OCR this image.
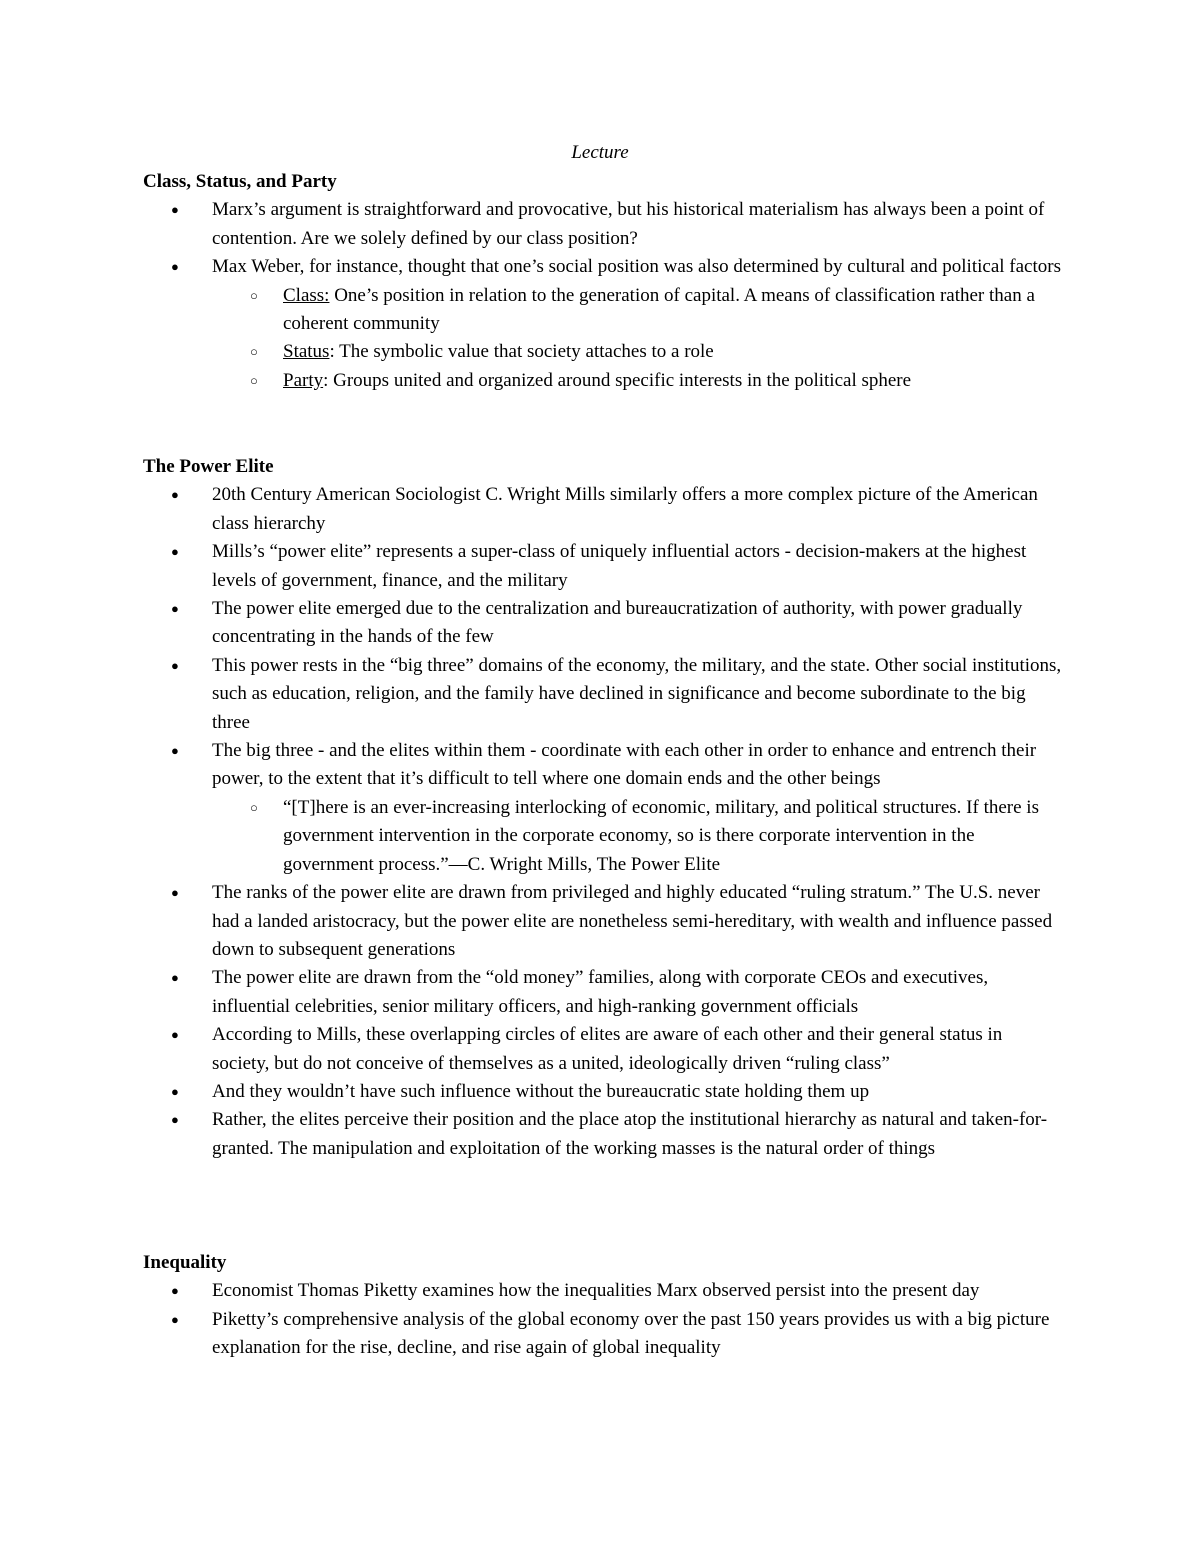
Lecture
Class, Status, and Party
● Marx’s argument is straightforward and provocative, but his historical materialism has always been a point of contention. Are we solely defined by our class position?
● Max Weber, for instance, thought that one’s social position was also determined by cultural and political factors
○ Class: One’s position in relation to the generation of capital. A means of classification rather than a coherent community
○ Status: The symbolic value that society attaches to a role
○ Party: Groups united and organized around specific interests in the political sphere
The Power Elite
● 20th Century American Sociologist C. Wright Mills similarly offers a more complex picture of the American class hierarchy
● Mills’s “power elite” represents a super-class of uniquely influential actors - decision-makers at the highest levels of government, finance, and the military
● The power elite emerged due to the centralization and bureaucratization of authority, with power gradually concentrating in the hands of the few
● This power rests in the “big three” domains of the economy, the military, and the state. Other social institutions, such as education, religion, and the family have declined in significance and become subordinate to the big three
● The big three - and the elites within them - coordinate with each other in order to enhance and entrench their power, to the extent that it’s difficult to tell where one domain ends and the other beings
○ “[T]here is an ever-increasing interlocking of economic, military, and political structures. If there is government intervention in the corporate economy, so is there corporate intervention in the government process.”—C. Wright Mills, The Power Elite
● The ranks of the power elite are drawn from privileged and highly educated “ruling stratum.” The U.S. never had a landed aristocracy, but the power elite are nonetheless semi-hereditary, with wealth and influence passed down to subsequent generations
● The power elite are drawn from the “old money” families, along with corporate CEOs and executives, influential celebrities, senior military officers, and high-ranking government officials
● According to Mills, these overlapping circles of elites are aware of each other and their general status in society, but do not conceive of themselves as a united, ideologically driven “ruling class”
● And they wouldn’t have such influence without the bureaucratic state holding them up
● Rather, the elites perceive their position and the place atop the institutional hierarchy as natural and taken-for-granted. The manipulation and exploitation of the working masses is the natural order of things
Inequality
● Economist Thomas Piketty examines how the inequalities Marx observed persist into the present day
● Piketty’s comprehensive analysis of the global economy over the past 150 years provides us with a big picture explanation for the rise, decline, and rise again of global inequality
